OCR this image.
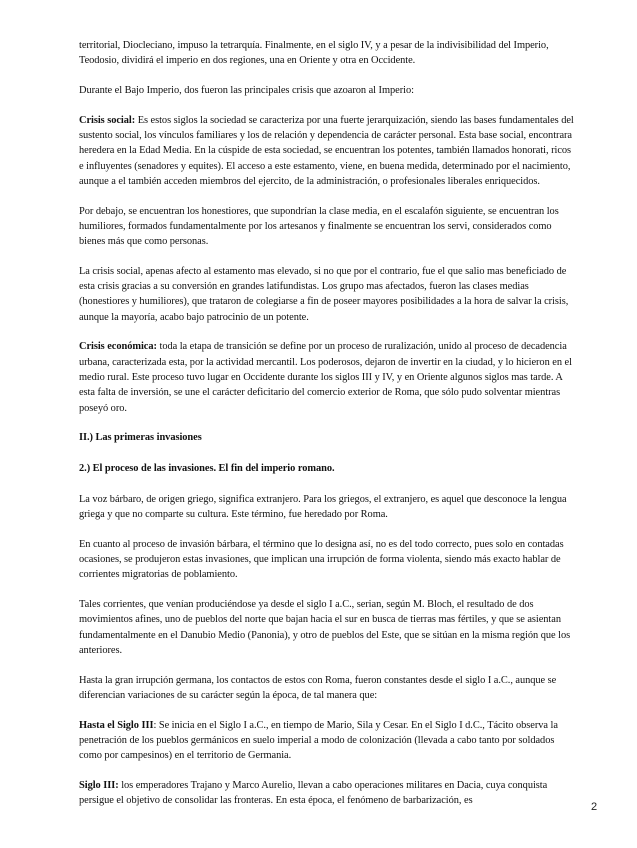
territorial, Diocleciano, impuso la tetrarquía. Finalmente, en el siglo IV, y a pesar de la indivisibilidad del Imperio, Teodosio, dividirá el imperio en dos regiones, una en Oriente y otra en Occidente.

Durante el Bajo Imperio, dos fueron las principales crisis que azoaron al Imperio:

Crisis social: Es estos siglos la sociedad se caracteriza por una fuerte jerarquización, siendo las bases fundamentales del sustento social, los vínculos familiares y los de relación y dependencia de carácter personal. Esta base social, encontrara heredera en la Edad Media. En la cúspide de esta sociedad, se encuentran los potentes, también llamados honorati, ricos e influyentes (senadores y equites). El acceso a este estamento, viene, en buena medida, determinado por el nacimiento, aunque a el también acceden miembros del ejercito, de la administración, o profesionales liberales enriquecidos.

Por debajo, se encuentran los honestiores, que supondrían la clase media, en el escalafón siguiente, se encuentran los humiliores, formados fundamentalmente por los artesanos y finalmente se encuentran los servi, considerados como bienes más que como personas.

La crisis social, apenas afecto al estamento mas elevado, si no que por el contrario, fue el que salio mas beneficiado de esta crisis gracias a su conversión en grandes latifundistas. Los grupo mas afectados, fueron las clases medias (honestiores y humiliores), que trataron de colegiarse a fin de poseer mayores posibilidades a la hora de salvar la crisis, aunque la mayoría, acabo bajo patrocinio de un potente.

Crisis económica: toda la etapa de transición se define por un proceso de ruralización, unido al proceso de decadencia urbana, caracterizada esta, por la actividad mercantil. Los poderosos, dejaron de invertir en la ciudad, y lo hicieron en el medio rural. Este proceso tuvo lugar en Occidente durante los siglos III y IV, y en Oriente algunos siglos mas tarde. A esta falta de inversión, se une el carácter deficitario del comercio exterior de Roma, que sólo pudo solventar mientras poseyó oro.

II.) Las primeras invasiones

2.) El proceso de las invasiones. El fin del imperio romano.

La voz bárbaro, de origen griego, significa extranjero. Para los griegos, el extranjero, es aquel que desconoce la lengua griega y que no comparte su cultura. Este término, fue heredado por Roma.

En cuanto al proceso de invasión bárbara, el término que lo designa así, no es del todo correcto, pues solo en contadas ocasiones, se produjeron estas invasiones, que implican una irrupción de forma violenta, siendo más exacto hablar de corrientes migratorias de poblamiento.

Tales corrientes, que venían produciéndose ya desde el siglo I a.C., serian, según M. Bloch, el resultado de dos movimientos afines, uno de pueblos del norte que bajan hacia el sur en busca de tierras mas fértiles, y que se asientan fundamentalmente en el Danubio Medio (Panonia), y otro de pueblos del Este, que se sitúan en la misma región que los anteriores.

Hasta la gran irrupción germana, los contactos de estos con Roma, fueron constantes desde el siglo I a.C., aunque se diferencian variaciones de su carácter según la época, de tal manera que:

Hasta el Siglo III: Se inicia en el Siglo I a.C., en tiempo de Mario, Sila y Cesar. En el Siglo I d.C., Tácito observa la penetración de los pueblos germánicos en suelo imperial a modo de colonización (llevada a cabo tanto por soldados como por campesinos) en el territorio de Germania.

Siglo III: los emperadores Trajano y Marco Aurelio, llevan a cabo operaciones militares en Dacia, cuya conquista persigue el objetivo de consolidar las fronteras. En esta época, el fenómeno de barbarización, es

2
